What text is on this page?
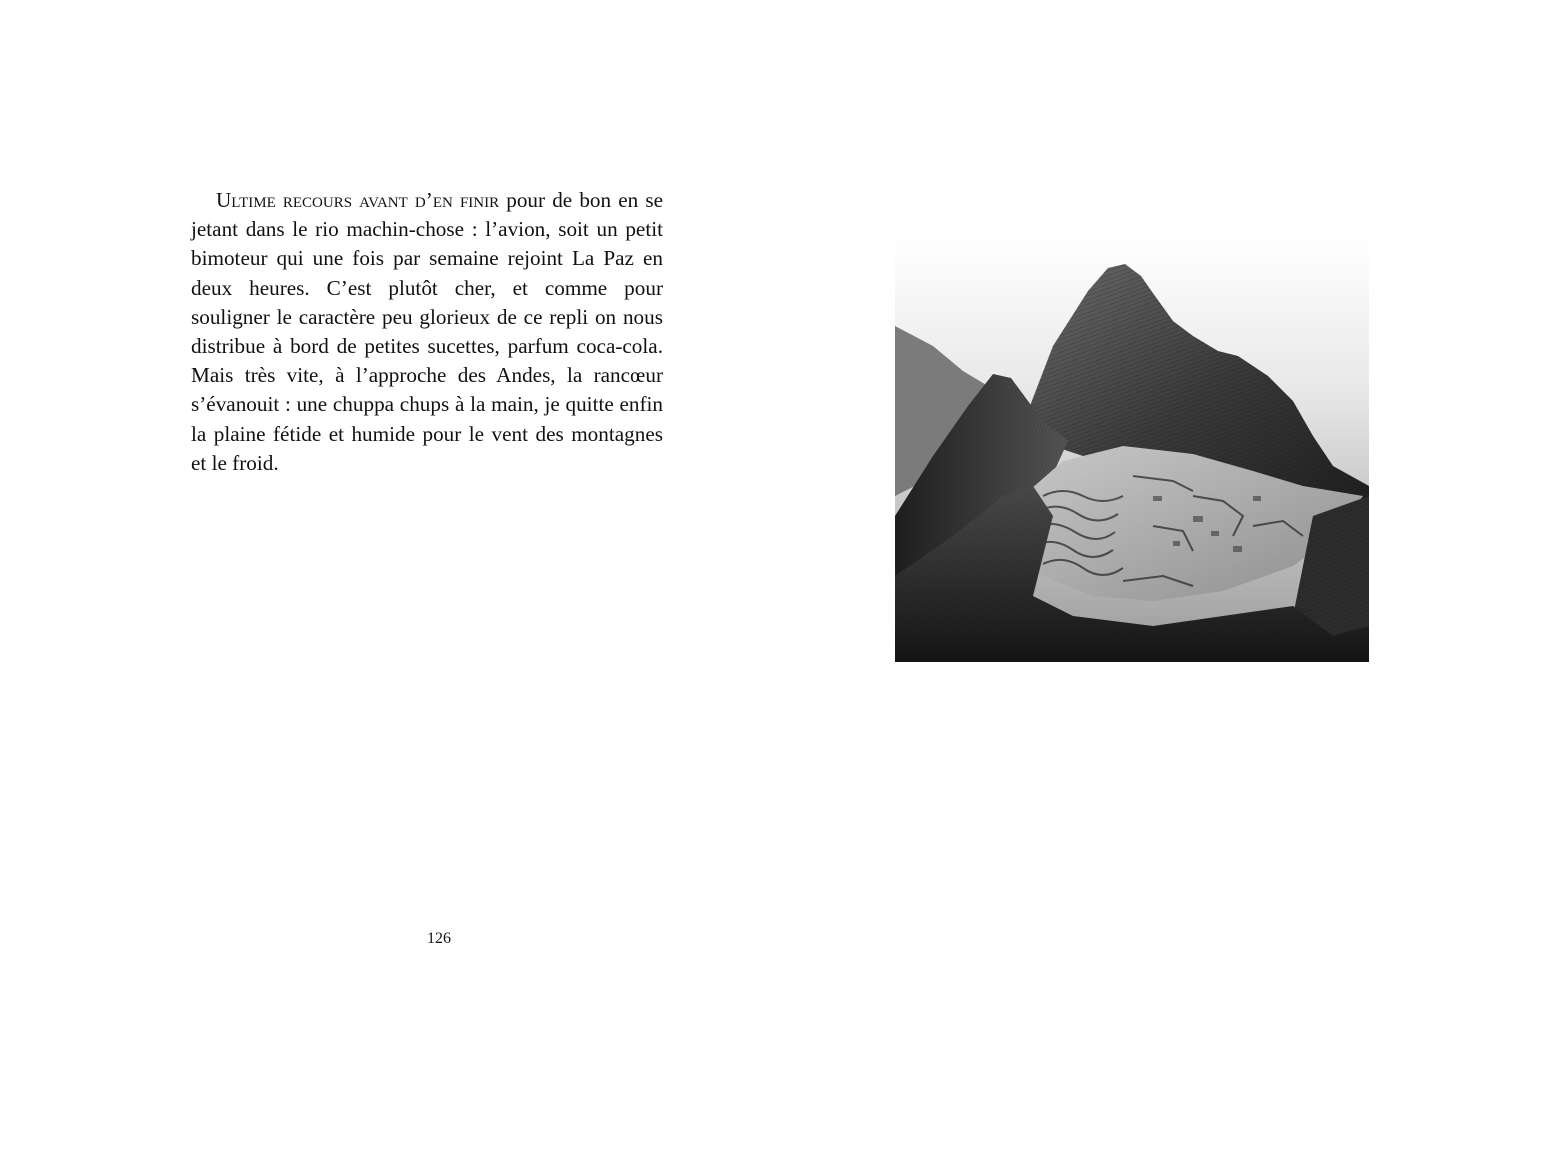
Ultime recours avant d’en finir pour de bon en se jetant dans le rio machin-chose : l’avion, soit un petit bimoteur qui une fois par semaine rejoint La Paz en deux heures. C’est plutôt cher, et comme pour souligner le caractère peu glorieux de ce repli on nous distribue à bord de petites sucettes, parfum coca-cola. Mais très vite, à l’approche des Andes, la rancœur s’évanouit : une chuppa chups à la main, je quitte enfin la plaine fétide et humide pour le vent des montagnes et le froid.

126
